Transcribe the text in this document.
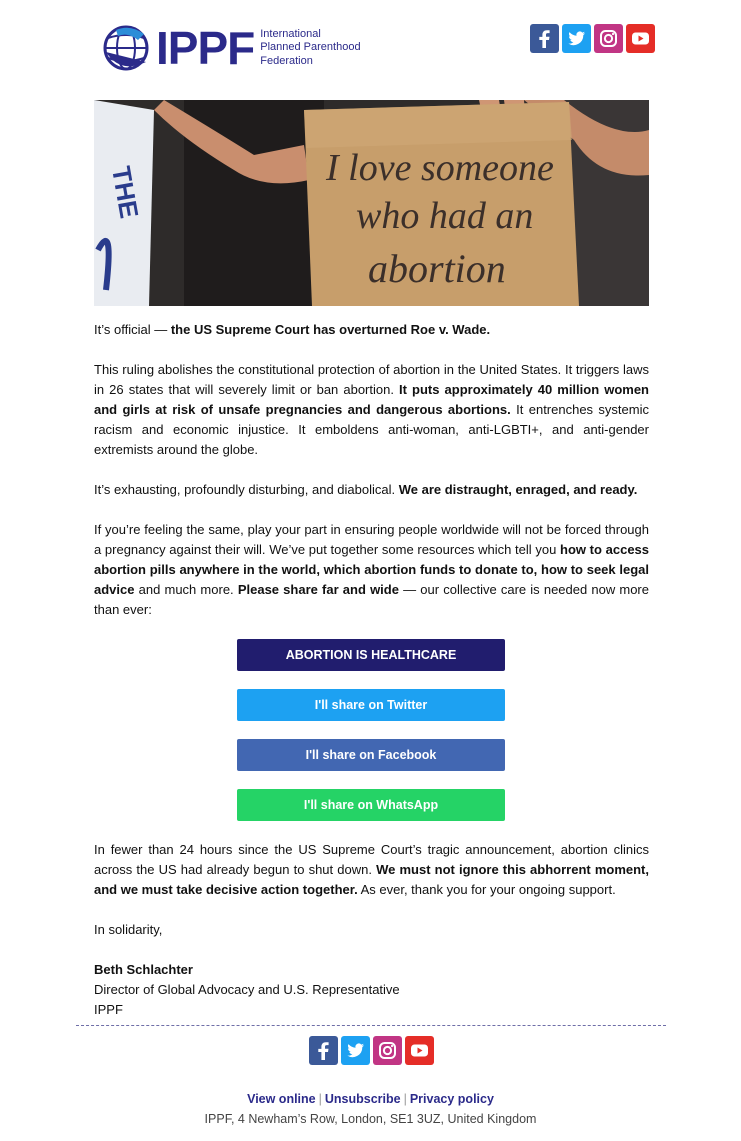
IPPF International
Planned Parenthood
Federation
THE	I love someone
who had an
abortion

It’s official — the US Supreme Court has overturned Roe v. Wade.

This ruling abolishes the constitutional protection of abortion in the United States. It triggers laws in 26 states that will severely limit or ban abortion. It puts approximately 40 million women and girls at risk of unsafe pregnancies and dangerous abortions. It entrenches systemic racism and economic injustice. It emboldens anti-woman, anti-LGBTI+, and anti-gender extremists around the globe.

It’s exhausting, profoundly disturbing, and diabolical. We are distraught, enraged, and ready.

If you’re feeling the same, play your part in ensuring people worldwide will not be forced through a pregnancy against their will. We’ve put together some resources which tell you how to access abortion pills anywhere in the world, which abortion funds to donate to, how to seek legal advice and much more. Please share far and wide — our collective care is needed now more than ever:

ABORTION IS HEALTHCARE
I'll share on Twitter
I'll share on Facebook
I'll share on WhatsApp

In fewer than 24 hours since the US Supreme Court’s tragic announcement, abortion clinics across the US had already begun to shut down. We must not ignore this abhorrent moment, and we must take decisive action together. As ever, thank you for your ongoing support.

In solidarity,

Beth Schlachter
Director of Global Advocacy and U.S. Representative
IPPF
View online | Unsubscribe | Privacy policy
IPPF, 4 Newham’s Row, London, SE1 3UZ, United Kingdom
